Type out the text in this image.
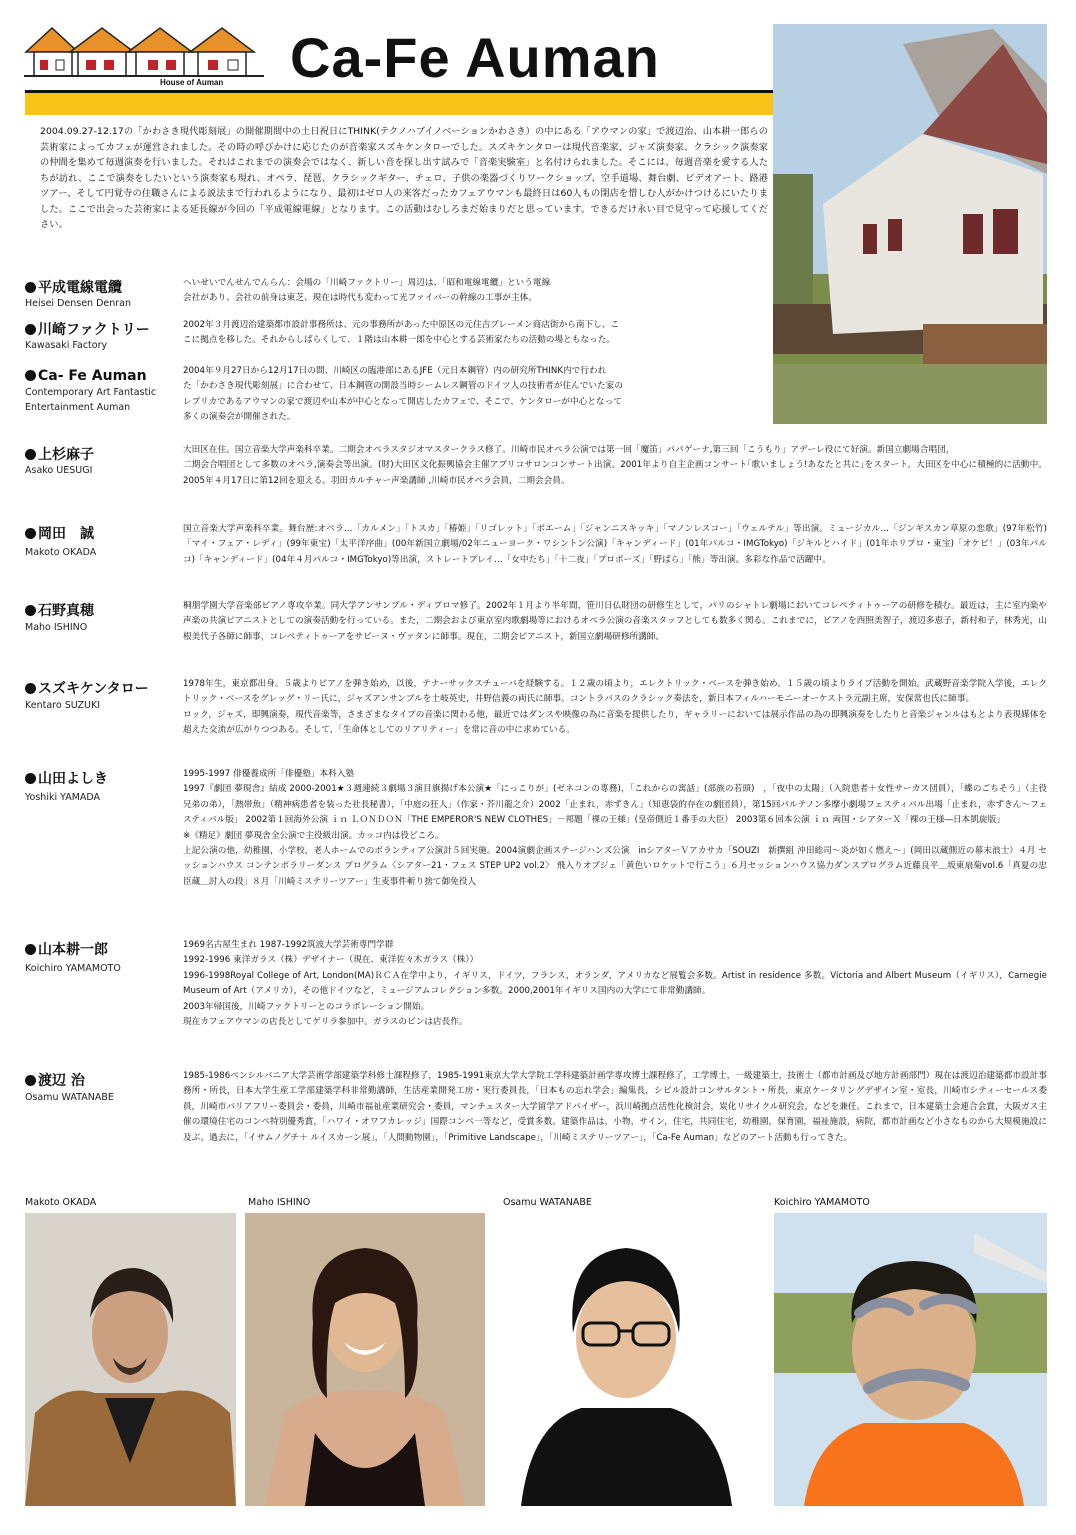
House of Auman Ca-Fe Auman
2004.09.27-12.17の「かわさき現代彫刻展」の開催期間中の土日祝日にTHINK(テクノハブイノベーションかわさき）の中にある「アウマンの家」で渡辺治、山本耕一郎らの芸術家によってカフェが運営されました。その時の呼びかけに応じたのが音楽家スズキケンタローでした。スズキケンタローは現代音楽家、ジャズ演奏家、クラシック演奏家の仲間を集めて毎週演奏を行いました。それはこれまでの演奏会ではなく、新しい音を探し出す試みで「音楽実験室」と名付けられました。そこには、毎週音楽を愛する人たちが訪れ、ここで演奏をしたいという演奏家も現れ、オペラ、琵琶、クラシックギター、チェロ、子供の楽器づくりワークショップ、空手道場、舞台劇、ビデオアート、路港ツアー、そして円覚寺の住職さんによる説法まで行われるようになり、最初はゼロ人の来客だったカフェアウマンも最終日は60人もの閉店を惜しむ人がかけつけるにいたりました。ここで出会った芸術家による延長線が今回の「平成電線電線」となります。この活動はむしろまだ始まりだと思っています。できるだけ永い目で見守って応援してください。
平成電線電纜
Heisei Densen Denran
へいせいでんせんでんらん：会場の「川崎ファクトリー」周辺は、「昭和電線電纜」という電線
会社があり、会社の前身は東芝、現在は時代も変わって光ファイバーの幹線の工事が主体。
川崎ファクトリー
Kawasaki Factory
2002年３月渡辺治建築都市設計事務所は、元の事務所があった中原区の元住吉ブレーメン商店街から南下し、こ
こに拠点を移した。それからしばらくして、１階は山本耕一郎を中心とする芸術家たちの活動の場ともなった。
Ca- Fe Auman
Contemporary Art Fantastic
Entertainment Auman
2004年９月27日から12月17日の間、川崎区の臨港部にあるJFE（元日本鋼管）内の研究所THINK内で行われ
た「かわさき現代彫刻展」に合わせて、日本鋼管の開設当時シームレス鋼管のドイツ人の技術者が住んでいた家の
レプリカであるアウマンの家で渡辺や山本が中心となって開店したカフェで、そこで、ケンタローが中心となって
多くの演奏会が開催された。
上杉麻子
Asako UESUGI
大田区在住。国立音楽大学声楽科卒業。二期会オペラスタジオマスタークラス修了。川崎市民オペラ公演では第一回「魔笛」パパゲーナ,第三回「こうもり」アデーレ役にて好演。新国立劇場合唱団，
二期会合唱団として多数のオペラ,演奏会等出演。(財)大田区文化振興協会主催アプリコサロンコンサート出演。2001年より自主企画コンサート｢歌いましょう!あなたと共に｣をスタート。大田区を中心に積極的に活動中。2005年４月17日に第12回を迎える。羽田カルチャー声楽講師 ,川崎市民オペラ会員，二期会会員。
岡田　誠
Makoto OKADA
国立音楽大学声楽科卒業。舞台歴:オペラ…「カルメン」「トスカ」「椿姫」「リゴレット」「ボエーム」「ジャンニスキッキ」「マノンレスコー」「ウェルテル」等出演。ミュージカル…「ジンギスカン草原の恋歌」(97年松竹)「マイ・フェア・レディ」(99年東宝)「太平洋序曲」(00年新国立劇場/02年ニューヨーク・ワシントン公演)「キャンディード」(01年パルコ・IMGTokyo)「ジキルとハイド」(01年ホリプロ・東宝)「オケピ！」(03年パルコ)「キャンディード」(04年４月パルコ・IMGTokyo)等出演，ストレートプレイ…「女中たち」「十二夜」「プロポーズ」「野ばら」「熊」等出演。多彩な作品で活躍中。
石野真穂
Maho ISHINO
桐朋学園大学音楽部ピアノ専攻卒業。同大学アンサンブル・ディプロマ修了。2002年１月より半年間，笹川日仏財団の研修生として，パリのシャトレ劇場においてコレペティトゥーアの研修を積む。最近は，主に室内楽や声楽の共演ピアニストとしての演奏活動を行っている。また，二期会および東京室内歌劇場等におけるオペラ公演の音楽スタッフとしても数多く関る。これまでに，ピアノを西照美智子，渡辺多恵子，新村和子，林秀光，山根美代子各師に師事，コレペティトゥーアをサビーヌ・ヴァタンに師事。現在，二期会ピアニスト，新国立劇場研修所講師。
スズキケンタロー
Kentaro SUZUKI
1978年生，東京都出身。５歳よりピアノを弾き始め，以後，テナーサックスチューバを経験する。１２歳の頃より，エレクトリック・ベースを弾き始め。１５歳の頃よりライブ活動を開始。武蔵野音楽学院入学後，エレクトリック・ベースをグレッグ・リー氏に，ジャズアンサンブルを土岐英史，井野信義の両氏に師事。コントラバスのクラシック奏法を，新日本フィルハーモニーオーケストラ元副主席，安保常也氏に師事。
ロック，ジャズ，即興演奏，現代音楽等，さまざまなタイプの音楽に関わる他，最近ではダンスや映像の為に音楽を提供したり，ギャラリーにおいては展示作品の為の即興演奏をしたりと音楽ジャンルはもとより表現媒体を超えた交流が広がりつつある。そして，「生命体としてのリアリティー」を常に音の中に求めている。
山田よしき
Yoshiki YAMADA
1995-1997 俳優養成所「俳優塾」本科入塾
1997『劇団 夢現舎』結成 2000-2001★３週連続３劇場３演目旗揚げ本公演★「にっこりが」(ゼネコンの専務)，「これからの寓話」(部族の若頭)　，「夜中の太陽」（入院患者＋女性サーカス団員），「蝶のごちそう」（主役兄弟の弟），「熱帯魚」（精神病患者を装った社長秘書），「中庭の狂人」（作家・芥川龍之介）2002「止まれ，赤ずきん」（知恵袋的存在の劇団員），第15回パルテノン多摩小劇場フェスティバル出場「止まれ，赤ずきん～フェスティバル版」 2002第１回海外公演 ｉｎ ＬＯＮＤＯＮ「THE EMPEROR'S NEW CLOTHES」－邦題「裸の王様」(皇帝側近１番手の大臣） 2003第６回本公演 ｉｎ 両国・シアターＸ「裸の王様―日本凱旋版」
※《精足》劇団 夢現舎全公演で主役級出演。カッコ内は役どころ。
上記公演の他，幼稚園，小学校，老人ホームでのボランティア公演計５回実施。2004演劇企画ステージハンズ公演　inシアターＶアカサカ「SOUZI　新撰組 沖田総司～炎が如く燃え～」(岡田以蔵側近の幕末浪士）４月 セッションハウス コンテンポラリーダンス プログラム〈シアター21・フェス STEP UP2 vol.2〉 飛入りオブジェ「黄色いロケットで行こう」６月セッションハウス協力ダンスプログラム近藤良平＿坂東扇菊vol.6「真夏の忠臣蔵＿討入の段」８月「川崎ミステリーツアー」生麦事件斬り捨て御免役人
山本耕一郎
Koichiro YAMAMOTO
1969名古屋生まれ 1987-1992筑波大学芸術専門学群
1992-1996 東洋ガラス（株）デザイナー（現在、東洋佐々木ガラス（株））
1996-1998Royal College of Art, London(MA)ＲＣＡ在学中より，イギリス，ドイツ，フランス，オランダ，アメリカなど展覧会多数。Artist in residence 多数。Victoria and Albert Museum（イギリス），Carnegie Museum of Art（アメリカ），その他ドイツなど，ミュージアムコレクション多数。2000,2001年イギリス国内の大学にて非常勤講師。
2003年帰国後，川崎ファクトリーとのコラボレーション開始。
現在カフェアウマンの店長としてゲリラ参加中。ガラスのビンは店長作。
渡辺 治
Osamu WATANABE
1985-1986ペンシルバニア大学芸術学部建築学科修士課程修了，1985-1991東京大学大学院工学科建築計画学専攻博士課程修了，工学博士，一級建築士，技術士（都市計画及び地方計画部門）現在は渡辺治建築都市設計事務所・所長，日本大学生産工学部建築学科非常勤講師，生活産業開発工房・実行委員長，「日本もの忘れ学会」編集長，シビル設計コンサルタント・所長，東京ケータリングデザイン室・室長，川崎市シティーセールス委員，川崎市バリアフリー委員会・委員，川崎市福祉産業研究会・委員，マンチェスター大学留学アドバイザー，浜川崎拠点活性化検討会，炭化リサイクル研究会，などを兼任。これまで，日本建築士会連合会賞，大阪ガス主催の環境住宅のコンペ特別優秀賞，「ハワイ・オワフカレッジ」国際コンペ一等など，受賞多数。建築作品は，小物，サイン，住宅，共同住宅，幼稚園，保育園，福祉施設，病院，都市計画など小さなものから大規模施設に及ぶ。過去に，「イサムノグチ＋ ルイスカーン展」，「人間動物園」，「Primitive Landscape」，「川崎ミステリーツアー」，「Ca-Fe Auman」などのアート活動も行ってきた。
Makoto OKADA	Maho ISHINO	Osamu WATANABE	Koichiro YAMAMOTO
